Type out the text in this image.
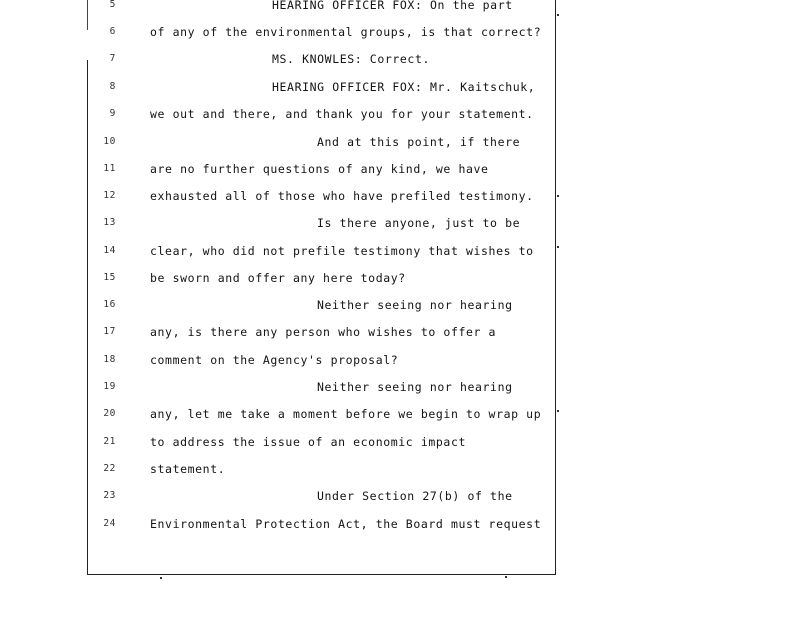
5	HEARING OFFICER FOX: On the part
6	of any of the environmental groups, is that correct?
7	MS. KNOWLES: Correct.
8	HEARING OFFICER FOX: Mr. Kaitschuk,
9	we out and there, and thank you for your statement.
10	And at this point, if there
11	are no further questions of any kind, we have
12	exhausted all of those who have prefiled testimony.
13	Is there anyone, just to be
14	clear, who did not prefile testimony that wishes to
15	be sworn and offer any here today?
16	Neither seeing nor hearing
17	any, is there any person who wishes to offer a
18	comment on the Agency's proposal?
19	Neither seeing nor hearing
20	any, let me take a moment before we begin to wrap up
21	to address the issue of an economic impact
22	statement.
23	Under Section 27(b) of the
24	Environmental Protection Act, the Board must request
